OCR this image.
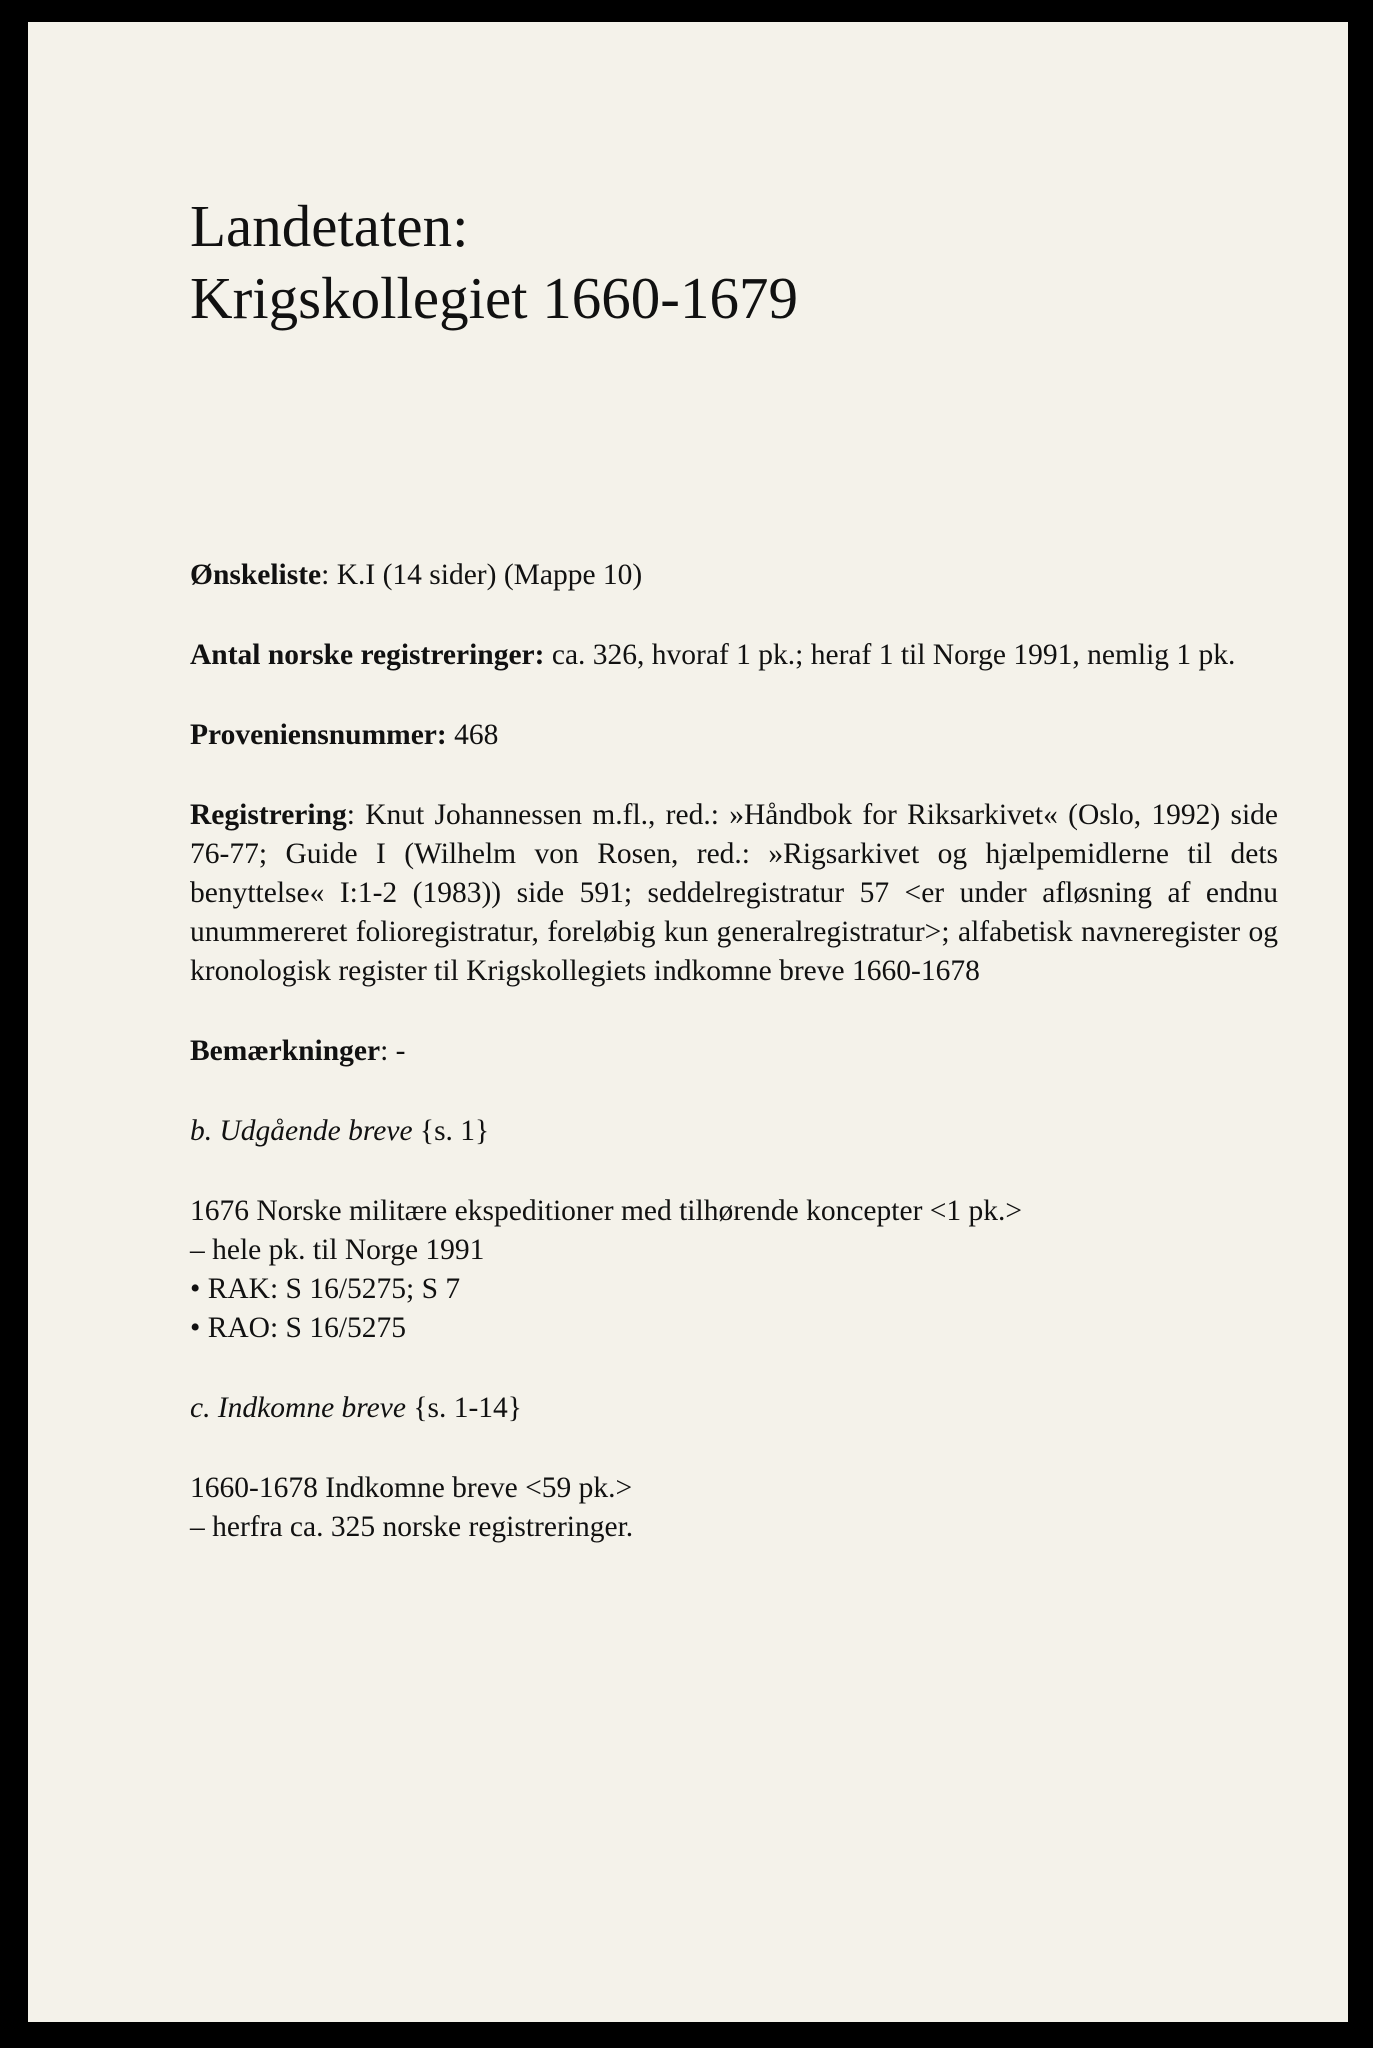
Landetaten:
Krigskollegiet 1660-1679

Ønskeliste: K.I (14 sider) (Mappe 10)

Antal norske registreringer: ca. 326, hvoraf 1 pk.; heraf 1 til Norge 1991, nemlig 1 pk.

Proveniensnummer: 468

Registrering: Knut Johannessen m.fl., red.: »Håndbok for Riksarkivet« (Oslo, 1992) side 76-77; Guide I (Wilhelm von Rosen, red.: »Rigsarkivet og hjælpemidlerne til dets benyttelse« I:1-2 (1983)) side 591; seddelregistratur 57 <er under afløsning af endnu unummereret folioregistratur, foreløbig kun generalregistratur>; alfabetisk navneregister og kronologisk register til Krigskollegiets indkomne breve 1660-1678

Bemærkninger: -

b. Udgående breve {s. 1}

1676 Norske militære ekspeditioner med tilhørende koncepter <1 pk.>

– hele pk. til Norge 1991

• RAK: S 16/5275; S 7

• RAO: S 16/5275

c. Indkomne breve {s. 1-14}

1660-1678 Indkomne breve <59 pk.>

– herfra ca. 325 norske registreringer.
